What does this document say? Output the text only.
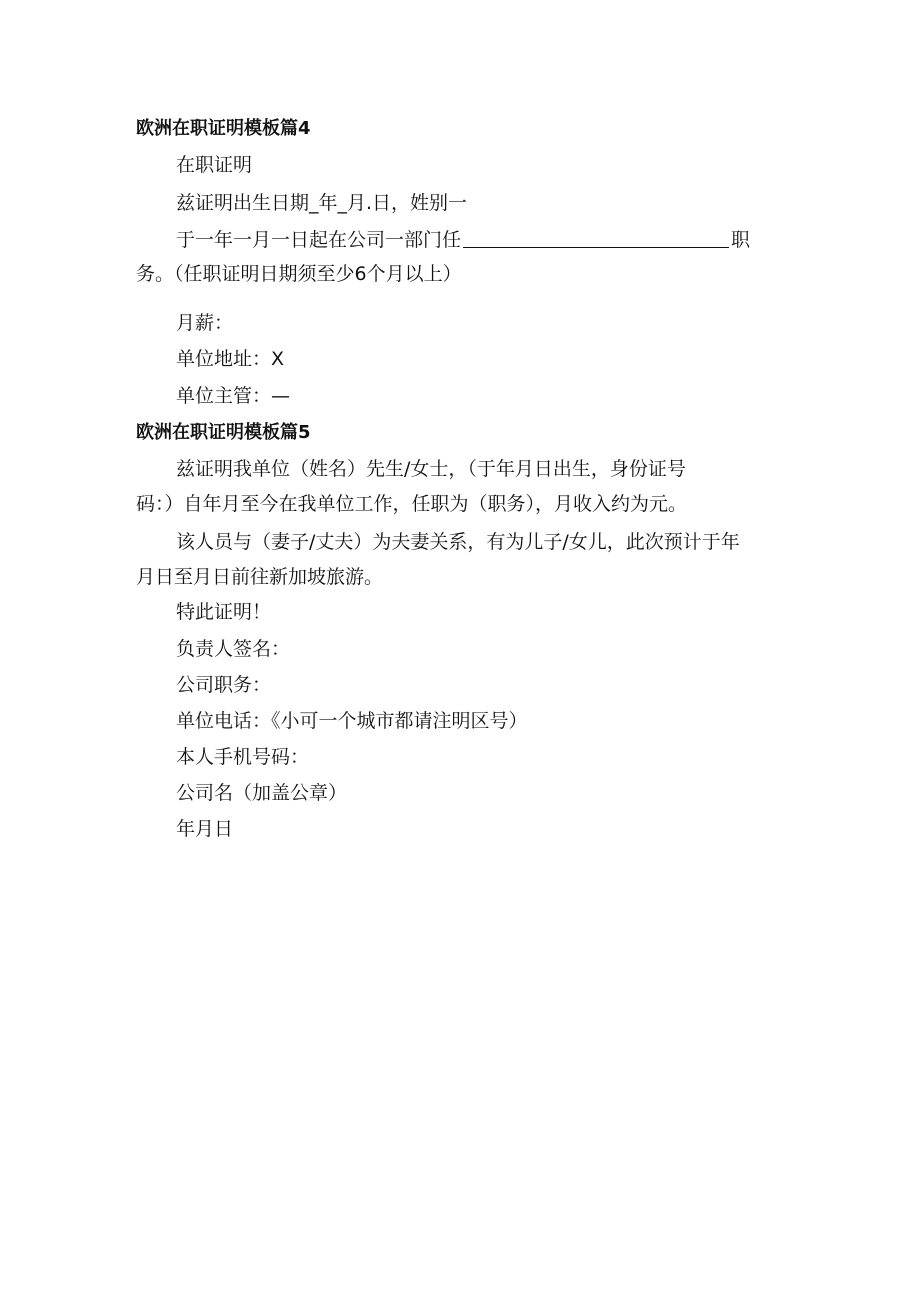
欧洲在职证明模板篇4
在职证明
兹证明出生日期_年_月.日，姓别一
于一年一月一日起在公司一部门任	职
务。（任职证明日期须至少6个月以上）
月薪：
单位地址：X
单位主管：—
欧洲在职证明模板篇5
兹证明我单位（姓名）先生/女士，（于年月日出生，身份证号
码：）自年月至今在我单位工作，任职为（职务），月收入约为元。
该人员与（妻子/丈夫）为夫妻关系，有为儿子/女儿，此次预计于年
月日至月日前往新加坡旅游。
特此证明！
负责人签名：
公司职务：
单位电话：《小可一个城市都请注明区号）
本人手机号码：
公司名（加盖公章）
年月日
